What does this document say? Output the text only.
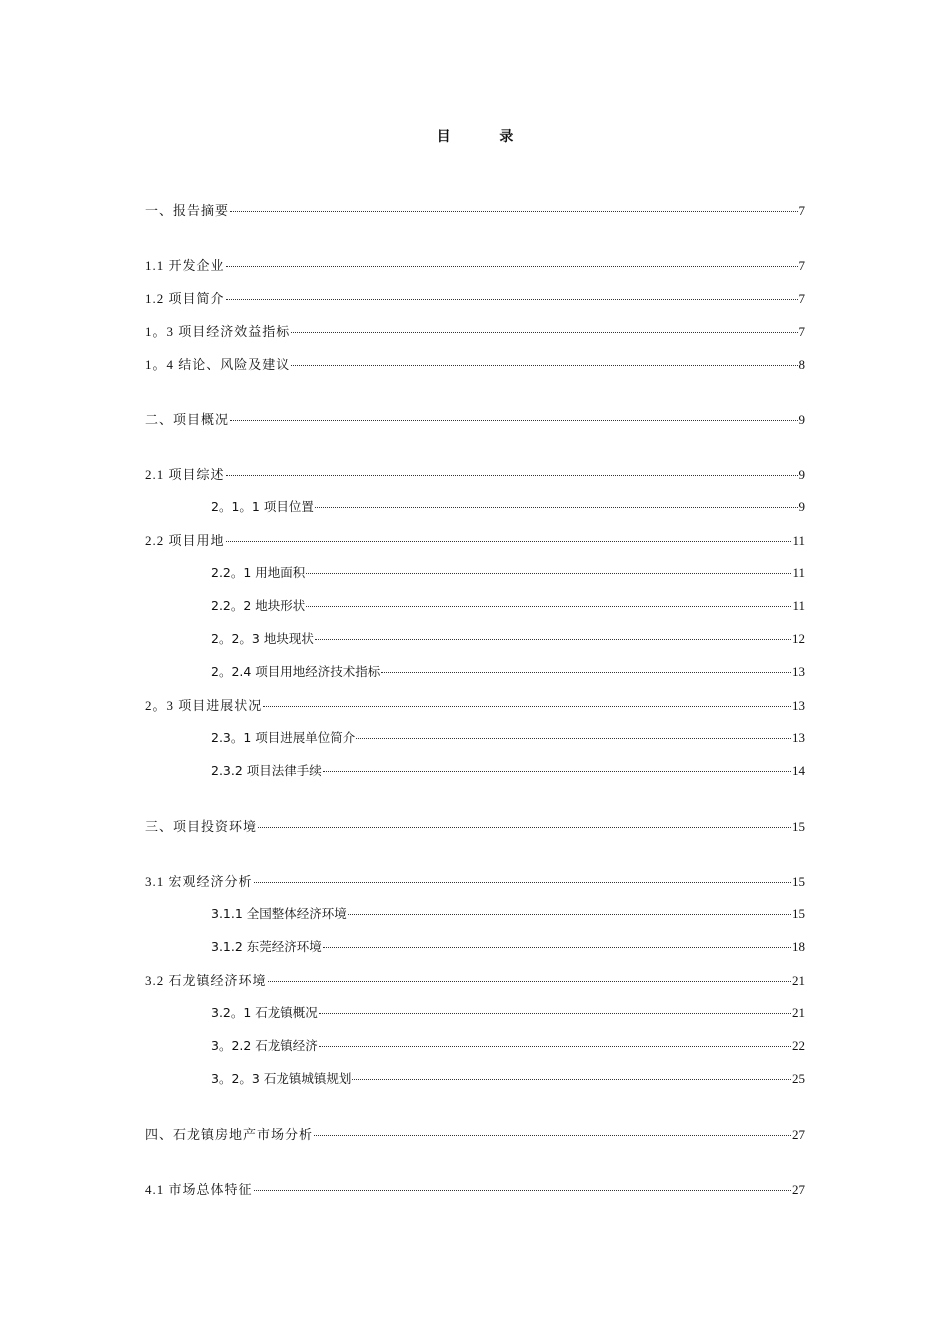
目 录
一、报告摘要	7
1.1 开发企业	7
1.2 项目简介	7
1。3 项目经济效益指标	7
1。4 结论、风险及建议	8
二、项目概况	9
2.1 项目综述	9
2。1。1 项目位置	9
2.2 项目用地	11
2.2。1 用地面积	11
2.2。2 地块形状	11
2。2。3 地块现状	12
2。2.4 项目用地经济技术指标	13
2。3 项目进展状况	13
2.3。1 项目进展单位简介	13
2.3.2 项目法律手续	14
三、项目投资环境	15
3.1 宏观经济分析	15
3.1.1 全国整体经济环境	15
3.1.2 东莞经济环境	18
3.2 石龙镇经济环境	21
3.2。1 石龙镇概况	21
3。2.2 石龙镇经济	22
3。2。3 石龙镇城镇规划	25
四、石龙镇房地产市场分析	27
4.1 市场总体特征	27
